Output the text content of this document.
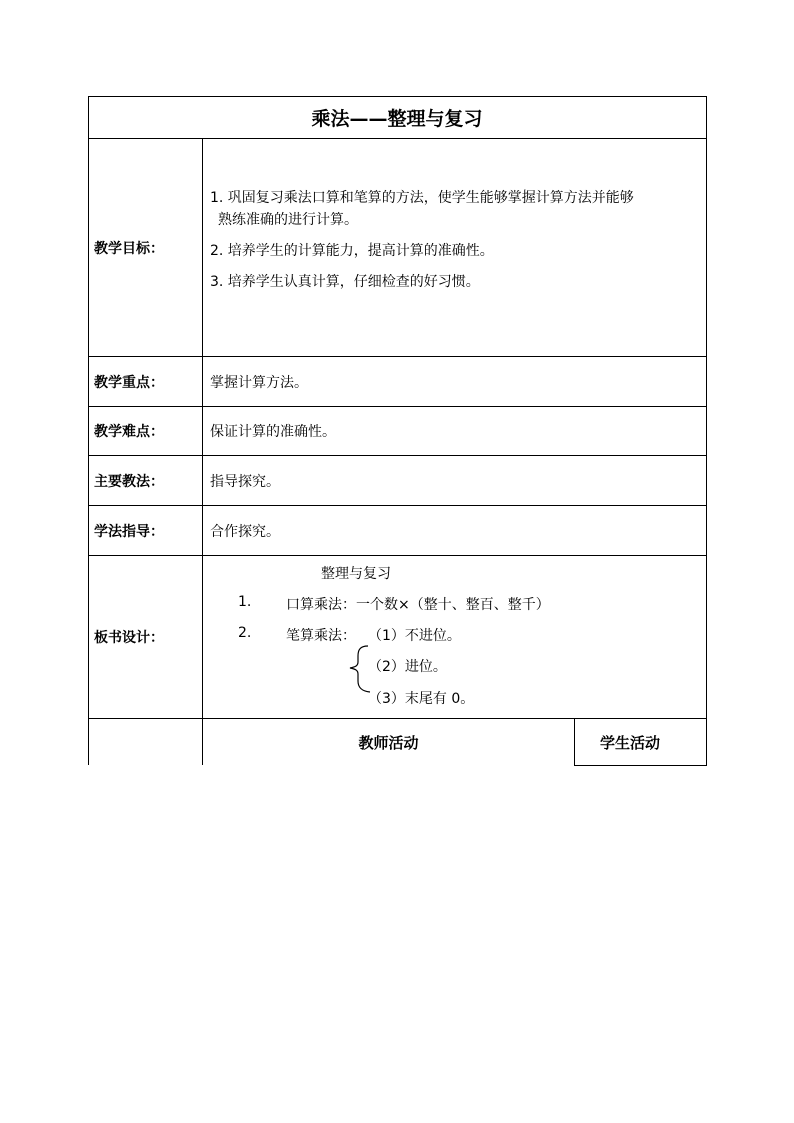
乘法——整理与复习
教学目标：
1. 巩固复习乘法口算和笔算的方法，使学生能够掌握计算方法并能够
熟练准确的进行计算。
2. 培养学生的计算能力，提高计算的准确性。
3. 培养学生认真计算，仔细检查的好习惯。
教学重点：	掌握计算方法。
教学难点：	保证计算的准确性。
主要教法：	指导探究。
学法指导：	合作探究。
板书设计：
整理与复习
1. 口算乘法：一个数×（整十、整百、整千）
2. 笔算乘法： （1）不进位。
（2）进位。
（3）末尾有 0。
教师活动	学生活动
